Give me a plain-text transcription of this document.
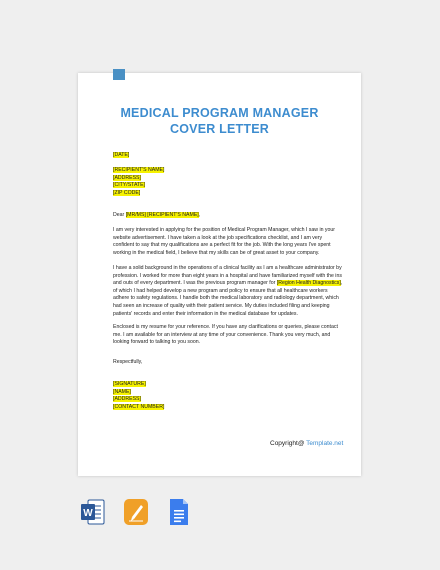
MEDICAL PROGRAM MANAGER
COVER LETTER
[DATE]
[RECIPIENT'S NAME]
[ADDRESS]
[CITY/STATE]
[ZIP CODE]
Dear [MR/MS] [RECIPIENT'S NAME],
I am very interested in applying for the position of Medical Program Manager, which I saw in your
website advertisement. I have taken a look at the job specifications checklist, and I am very
confident to say that my qualifications are a perfect fit for the job. With the long years I've spent
working in the medical field, I believe that my skills can be of great asset to your company.
I have a solid background in the operations of a clinical facility as I am a healthcare administrator by
profession. I worked for more than eight years in a hospital and have familiarized myself with the ins
and outs of every department. I was the previous program manager for [Region Health Diagnostics],
of which I had helped develop a new program and policy to ensure that all healthcare workers
adhere to safety regulations. I handle both the medical laboratory and radiology department, which
had seen an increase of quality with their patient service. My duties included filing and keeping
patients' records and enter their information in the medical database for updates.
Enclosed is my resume for your reference. If you have any clarifications or queries, please contact
me. I am available for an interview at any time of your convenience. Thank you very much, and
looking forward to talking to you soon.
Respectfully,
[SIGNATURE]
[NAME]
[ADDRESS]
[CONTACT NUMBER]
Copyright@ Template.net
W
